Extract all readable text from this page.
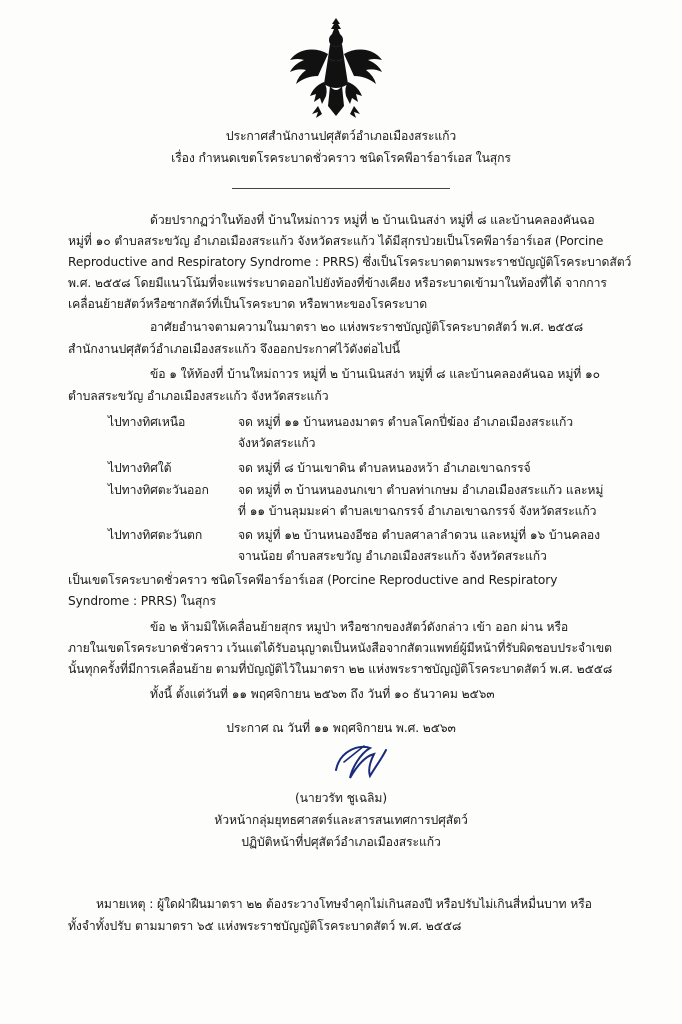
ประกาศสำนักงานปศุสัตว์อำเภอเมืองสระแก้ว
เรื่อง กำหนดเขตโรคระบาดชั่วคราว ชนิดโรคพีอาร์อาร์เอส ในสุกร
ด้วยปรากฏว่าในท้องที่ บ้านใหม่ถาวร หมู่ที่ ๒ บ้านเนินสง่า หมู่ที่ ๘ และบ้านคลองคันฉอ
หมู่ที่ ๑๐ ตำบลสระขวัญ อำเภอเมืองสระแก้ว จังหวัดสระแก้ว ได้มีสุกรป่วยเป็นโรคพีอาร์อาร์เอส (Porcine
Reproductive and Respiratory Syndrome : PRRS) ซึ่งเป็นโรคระบาดตามพระราชบัญญัติโรคระบาดสัตว์
พ.ศ. ๒๕๕๘ โดยมีแนวโน้มที่จะแพร่ระบาดออกไปยังท้องที่ข้างเคียง หรือระบาดเข้ามาในท้องที่ได้ จากการ
เคลื่อนย้ายสัตว์หรือซากสัตว์ที่เป็นโรคระบาด หรือพาหะของโรคระบาด
อาศัยอำนาจตามความในมาตรา ๒๐ แห่งพระราชบัญญัติโรคระบาดสัตว์ พ.ศ. ๒๕๕๘
สำนักงานปศุสัตว์อำเภอเมืองสระแก้ว จึงออกประกาศไว้ดังต่อไปนี้
ข้อ ๑ ให้ท้องที่ บ้านใหม่ถาวร หมู่ที่ ๒ บ้านเนินสง่า หมู่ที่ ๘ และบ้านคลองคันฉอ หมู่ที่ ๑๐
ตำบลสระขวัญ อำเภอเมืองสระแก้ว จังหวัดสระแก้ว
ไปทางทิศเหนือ	จด หมู่ที่ ๑๑ บ้านหนองมาตร ตำบลโคกปี่ฆ้อง อำเภอเมืองสระแก้ว
จังหวัดสระแก้ว
ไปทางทิศใต้	จด หมู่ที่ ๘ บ้านเขาดิน ตำบลหนองหว้า อำเภอเขาฉกรรจ์
ไปทางทิศตะวันออก จด หมู่ที่ ๓ บ้านหนองนกเขา ตำบลท่าเกษม อำเภอเมืองสระแก้ว และหมู่
ที่ ๑๑ บ้านลุมมะค่า ตำบลเขาฉกรรจ์ อำเภอเขาฉกรรจ์ จังหวัดสระแก้ว
ไปทางทิศตะวันตก	จด หมู่ที่ ๑๒ บ้านหนองอีซอ ตำบลศาลาลำดวน และหมู่ที่ ๑๖ บ้านคลอง
จานน้อย ตำบลสระขวัญ อำเภอเมืองสระแก้ว จังหวัดสระแก้ว
เป็นเขตโรคระบาดชั่วคราว ชนิดโรคพีอาร์อาร์เอส (Porcine Reproductive and Respiratory
Syndrome : PRRS) ในสุกร
ข้อ ๒ ห้ามมิให้เคลื่อนย้ายสุกร หมูป่า หรือซากของสัตว์ดังกล่าว เข้า ออก ผ่าน หรือ
ภายในเขตโรคระบาดชั่วคราว เว้นแต่ได้รับอนุญาตเป็นหนังสือจากสัตวแพทย์ผู้มีหน้าที่รับผิดชอบประจำเขต
นั้นทุกครั้งที่มีการเคลื่อนย้าย ตามที่บัญญัติไว้ในมาตรา ๒๒ แห่งพระราชบัญญัติโรคระบาดสัตว์ พ.ศ. ๒๕๕๘
ทั้งนี้ ตั้งแต่วันที่ ๑๑ พฤศจิกายน ๒๕๖๓ ถึง วันที่ ๑๐ ธันวาคม ๒๕๖๓
ประกาศ ณ วันที่ ๑๑ พฤศจิกายน พ.ศ. ๒๕๖๓
(นายวรัท ชูเฉลิม)
หัวหน้ากลุ่มยุทธศาสตร์และสารสนเทศการปศุสัตว์
ปฏิบัติหน้าที่ปศุสัตว์อำเภอเมืองสระแก้ว
หมายเหตุ : ผู้ใดฝ่าฝืนมาตรา ๒๒ ต้องระวางโทษจำคุกไม่เกินสองปี หรือปรับไม่เกินสี่หมื่นบาท หรือ
ทั้งจำทั้งปรับ ตามมาตรา ๖๕ แห่งพระราชบัญญัติโรคระบาดสัตว์ พ.ศ. ๒๕๕๘
